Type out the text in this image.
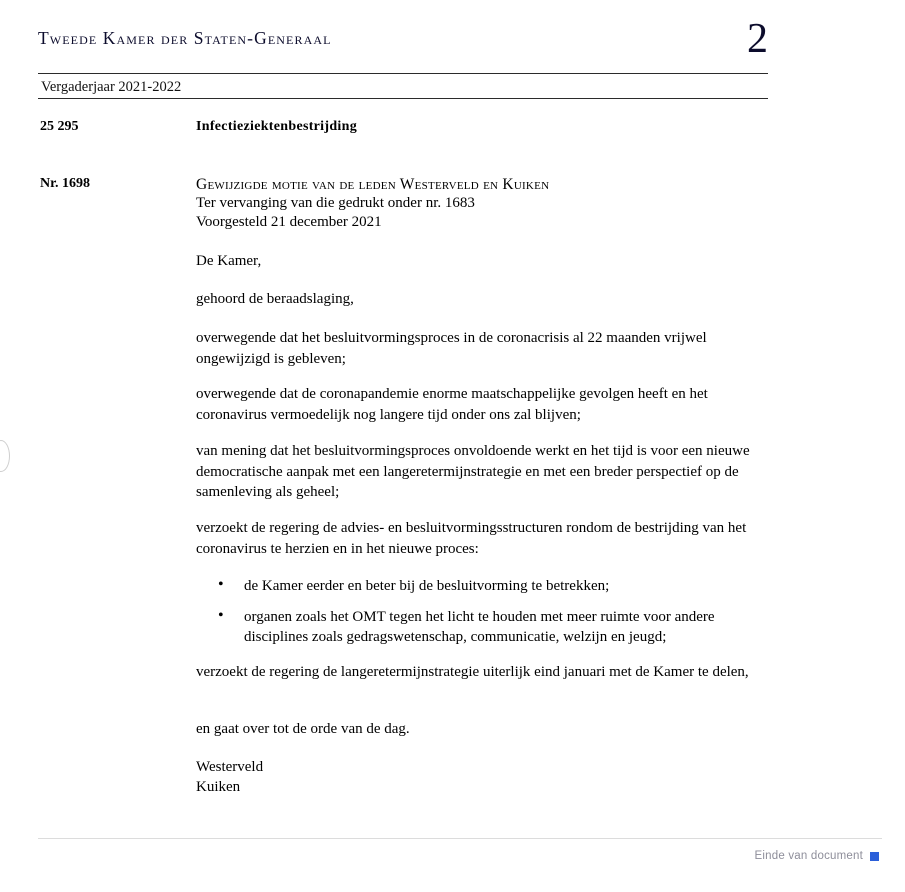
Tweede Kamer der Staten-Generaal	2
Vergaderjaar 2021-2022
25 295	Infectieziektenbestrijding
Nr. 1698	Gewijzigde motie van de leden Westerveld en Kuiken
Ter vervanging van die gedrukt onder nr. 1683
Voorgesteld 21 december 2021
De Kamer,
gehoord de beraadslaging,
overwegende dat het besluitvormingsproces in de coronacrisis al 22 maanden vrijwel ongewijzigd is gebleven;
overwegende dat de coronapandemie enorme maatschappelijke gevolgen heeft en het coronavirus vermoedelijk nog langere tijd onder ons zal blijven;
van mening dat het besluitvormingsproces onvoldoende werkt en het tijd is voor een nieuwe democratische aanpak met een langeretermijnstrategie en met een breder perspectief op de samenleving als geheel;
verzoekt de regering de advies- en besluitvormingsstructuren rondom de bestrijding van het coronavirus te herzien en in het nieuwe proces:
• de Kamer eerder en beter bij de besluitvorming te betrekken;
• organen zoals het OMT tegen het licht te houden met meer ruimte voor andere disciplines zoals gedragswetenschap, communicatie, welzijn en jeugd;
verzoekt de regering de langeretermijnstrategie uiterlijk eind januari met de Kamer te delen,
en gaat over tot de orde van de dag.
Westerveld
Kuiken
Einde van document
